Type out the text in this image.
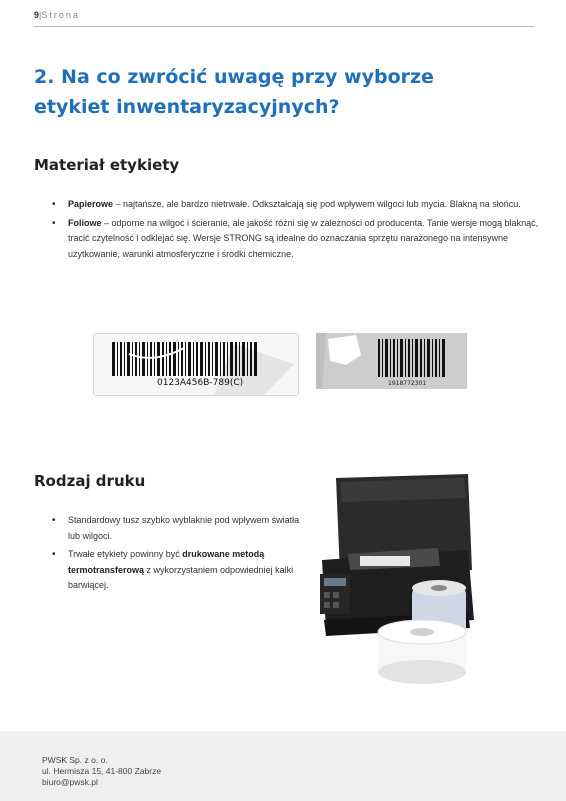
9|Strona
2. Na co zwrócić uwagę przy wyborze etykiet inwentaryzacyjnych?
Materiał etykiety
• Papierowe – najtańsze, ale bardzo nietrwałe. Odkształcają się pod wpływem wilgoci lub mycia. Blakną na słońcu.
• Foliowe – odporne na wilgoć i ścieranie, ale jakość różni się w zależności od producenta. Tanie wersje mogą blaknąć, tracić czytelność i odklejać się. Wersje STRONG są idealne do oznaczania sprzętu narażonego na intensywne użytkowanie, warunki atmosferyczne i środki chemiczne.
0123A456B-789(C)	1918772301
Rodzaj druku
• Standardowy tusz szybko wyblaknie pod wpływem światła lub wilgoci.
• Trwałe etykiety powinny być drukowane metodą termotransferową z wykorzystaniem odpowiedniej kalki barwiącej.
PWSK Sp. z o. o.
ul. Hermisza 15, 41-800 Zabrze
biuro@pwsk.pl
